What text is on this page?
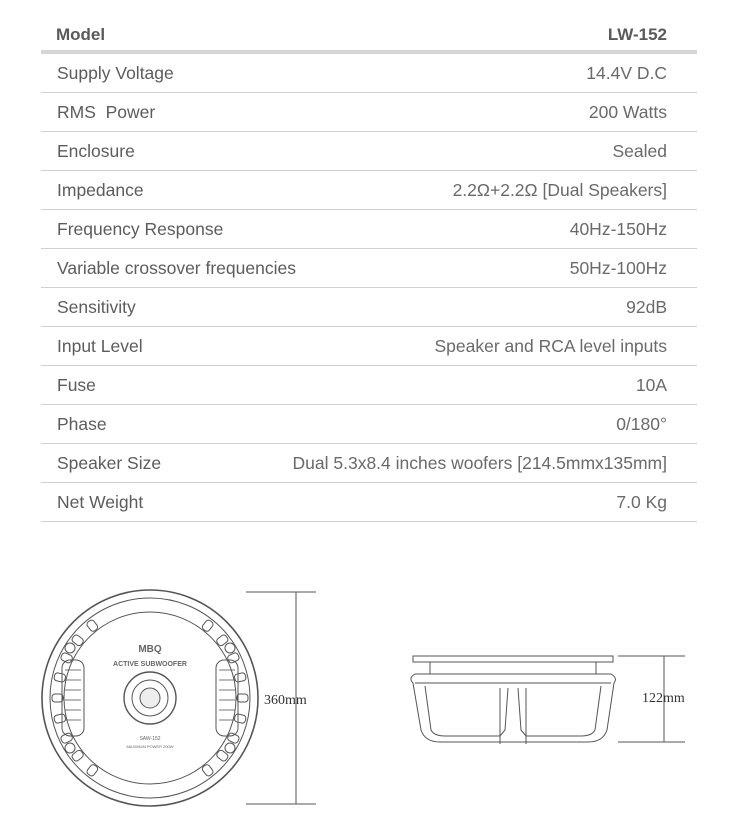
Model	LW-152
Supply Voltage	14.4V D.C
RMS  Power	200 Watts
Enclosure	Sealed
Impedance	2.2Ω+2.2Ω [Dual Speakers]
Frequency Response	40Hz-150Hz
Variable crossover frequencies	50Hz-100Hz
Sensitivity	92dB
Input Level	Speaker and RCA level inputs
Fuse	10A
Phase	0/180°
Speaker Size	Dual 5.3x8.4 inches woofers [214.5mmx135mm]
Net Weight	7.0 Kg
MBQ
ACTIVE SUBWOOFER
SAW-152
MAXIMUM POWER 200W
360mm	122mm
